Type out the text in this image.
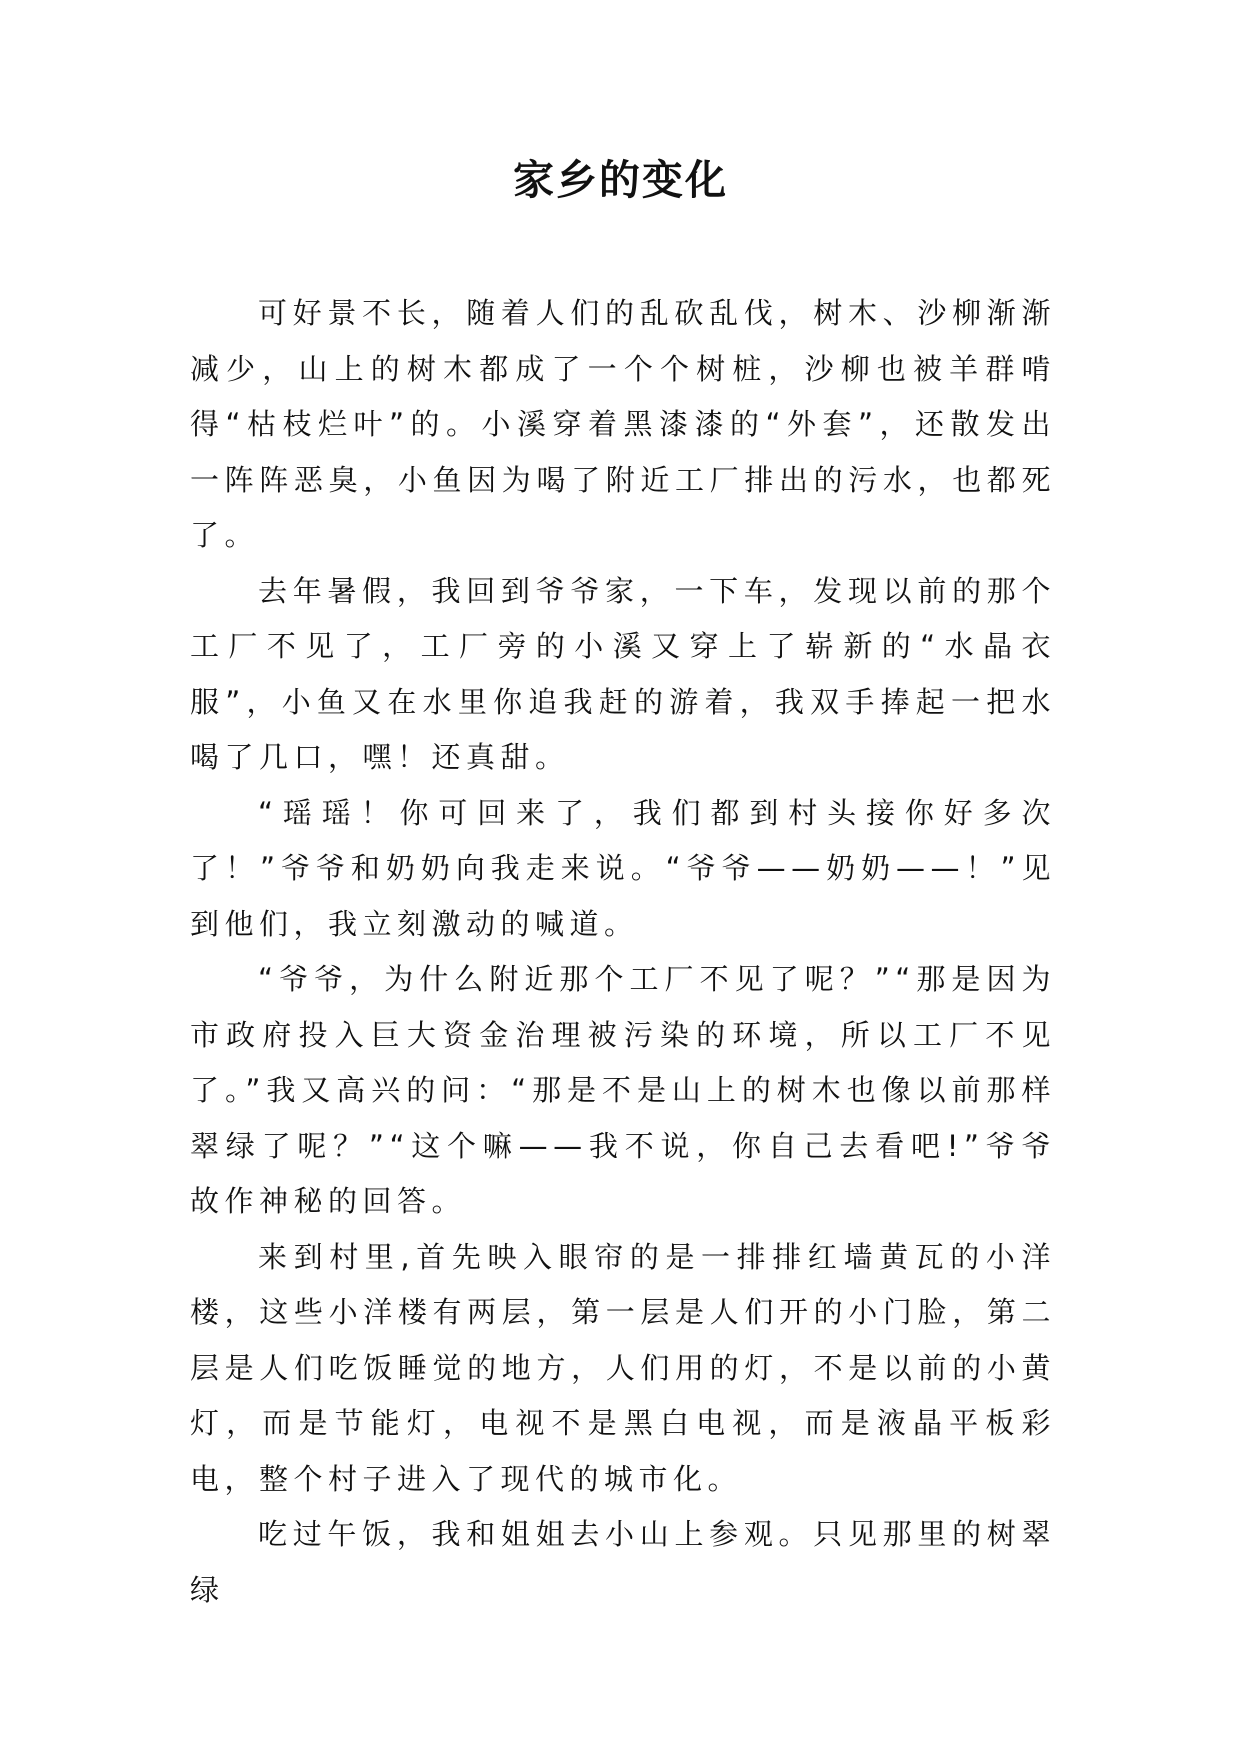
家乡的变化

可好景不长，随着人们的乱砍乱伐，树木、沙柳渐渐减少，山上的树木都成了一个个树桩，沙柳也被羊群啃得“枯枝烂叶”的。小溪穿着黑漆漆的“外套”，还散发出一阵阵恶臭，小鱼因为喝了附近工厂排出的污水，也都死了。

去年暑假，我回到爷爷家，一下车，发现以前的那个工厂不见了，工厂旁的小溪又穿上了崭新的“水晶衣服”，小鱼又在水里你追我赶的游着，我双手捧起一把水喝了几口，嘿！还真甜。

“瑶瑶！你可回来了，我们都到村头接你好多次了！”爷爷和奶奶向我走来说。“爷爷——奶奶——！”见到他们，我立刻激动的喊道。

“爷爷，为什么附近那个工厂不见了呢？”“那是因为市政府投入巨大资金治理被污染的环境，所以工厂不见了。”我又高兴的问：“那是不是山上的树木也像以前那样翠绿了呢？”“这个嘛——我不说，你自己去看吧!”爷爷故作神秘的回答。

来到村里,首先映入眼帘的是一排排红墙黄瓦的小洋楼，这些小洋楼有两层，第一层是人们开的小门脸，第二层是人们吃饭睡觉的地方，人们用的灯，不是以前的小黄灯，而是节能灯，电视不是黑白电视，而是液晶平板彩电，整个村子进入了现代的城市化。

吃过午饭，我和姐姐去小山上参观。只见那里的树翠绿
